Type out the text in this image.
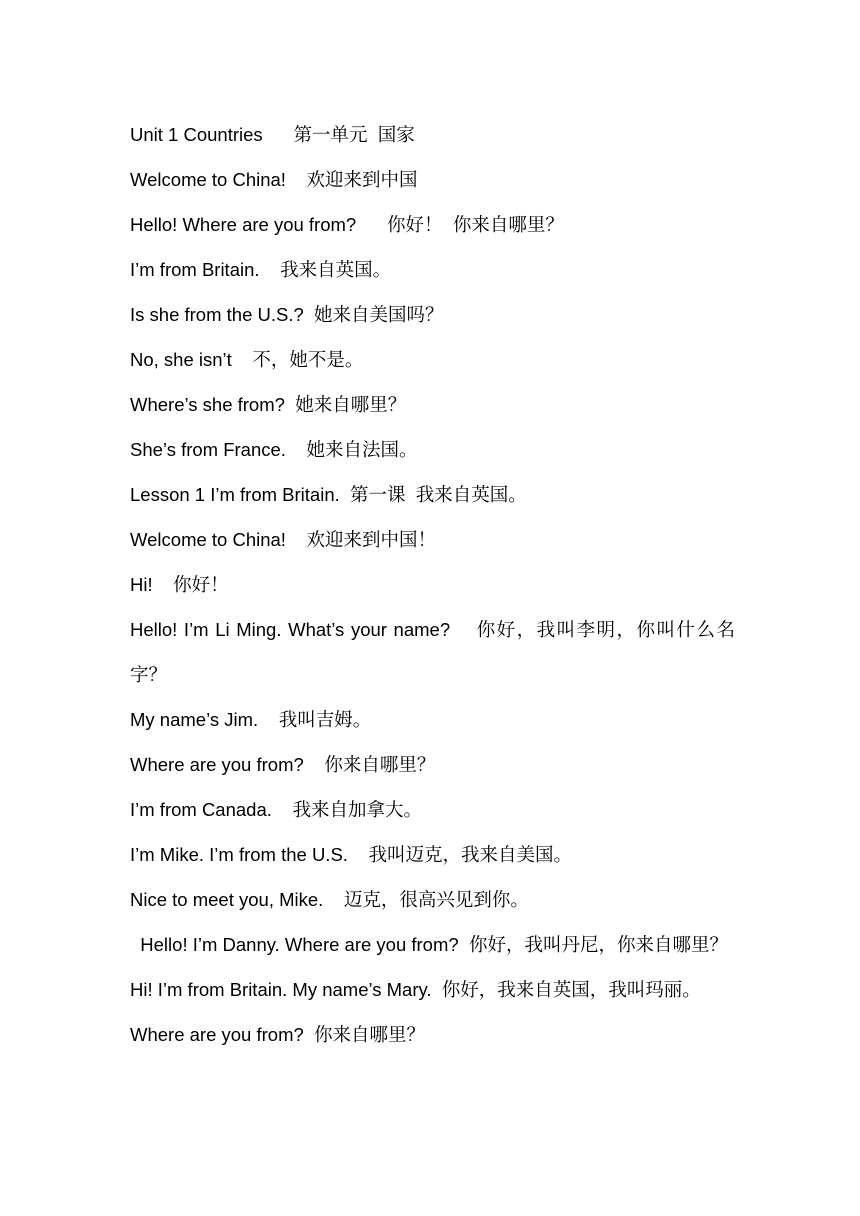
Unit 1 Countries      第一单元  国家

Welcome to China!    欢迎来到中国

Hello! Where are you from?      你好！  你来自哪里？

I’m from Britain.    我来自英国。

Is she from the U.S.?  她来自美国吗？

No, she isn’t    不，她不是。

Where’s she from?  她来自哪里？

She’s from France.    她来自法国。

Lesson 1 I’m from Britain.  第一课  我来自英国。

Welcome to China!    欢迎来到中国！

Hi!    你好！

Hello! I’m Li Ming. What’s your name?    你好，我叫李明，你叫什么名字？

My name’s Jim.    我叫吉姆。

Where are you from?    你来自哪里？

I’m from Canada.    我来自加拿大。

I’m Mike. I’m from the U.S.    我叫迈克，我来自美国。

Nice to meet you, Mike.    迈克，很高兴见到你。

Hello! I’m Danny. Where are you from?  你好，我叫丹尼，你来自哪里？

Hi! I’m from Britain. My name’s Mary.  你好，我来自英国，我叫玛丽。

Where are you from?  你来自哪里？
